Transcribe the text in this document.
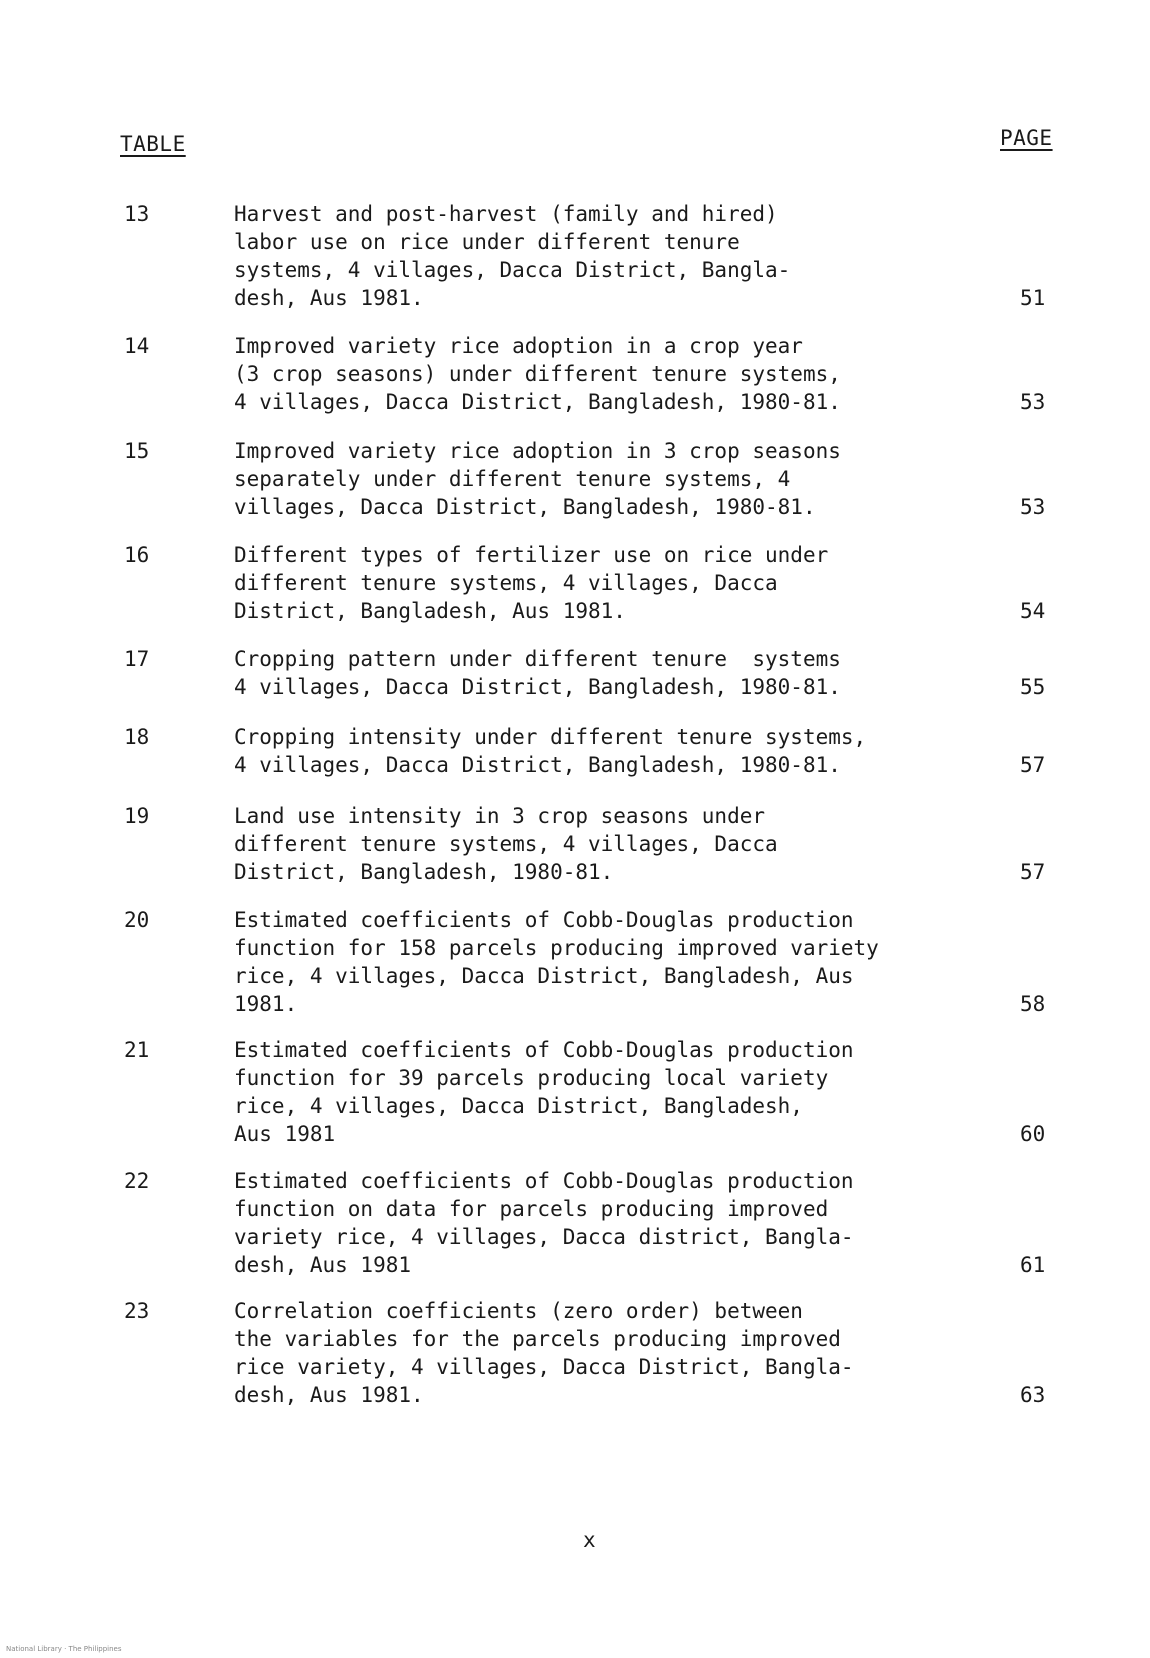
TABLE	PAGE
13	Harvest and post-harvest (family and hired)
labor use on rice under different tenure
systems, 4 villages, Dacca District, Bangla-
desh, Aus 1981.	51
14	Improved variety rice adoption in a crop year
(3 crop seasons) under different tenure systems,
4 villages, Dacca District, Bangladesh, 1980-81.	53
15	Improved variety rice adoption in 3 crop seasons
separately under different tenure systems, 4
villages, Dacca District, Bangladesh, 1980-81.	53
16	Different types of fertilizer use on rice under
different tenure systems, 4 villages, Dacca
District, Bangladesh, Aus 1981.	54
17	Cropping pattern under different tenure  systems
4 villages, Dacca District, Bangladesh, 1980-81.	55
18	Cropping intensity under different tenure systems,
4 villages, Dacca District, Bangladesh, 1980-81.	57
19	Land use intensity in 3 crop seasons under
different tenure systems, 4 villages, Dacca
District, Bangladesh, 1980-81.	57
20	Estimated coefficients of Cobb-Douglas production
function for 158 parcels producing improved variety
rice, 4 villages, Dacca District, Bangladesh, Aus
1981.	58
21	Estimated coefficients of Cobb-Douglas production
function for 39 parcels producing local variety
rice, 4 villages, Dacca District, Bangladesh,
Aus 1981	60
22	Estimated coefficients of Cobb-Douglas production
function on data for parcels producing improved
variety rice, 4 villages, Dacca district, Bangla-
desh, Aus 1981	61
23	Correlation coefficients (zero order) between
the variables for the parcels producing improved
rice variety, 4 villages, Dacca District, Bangla-
desh, Aus 1981.	63
x
National Library · The Philippines
